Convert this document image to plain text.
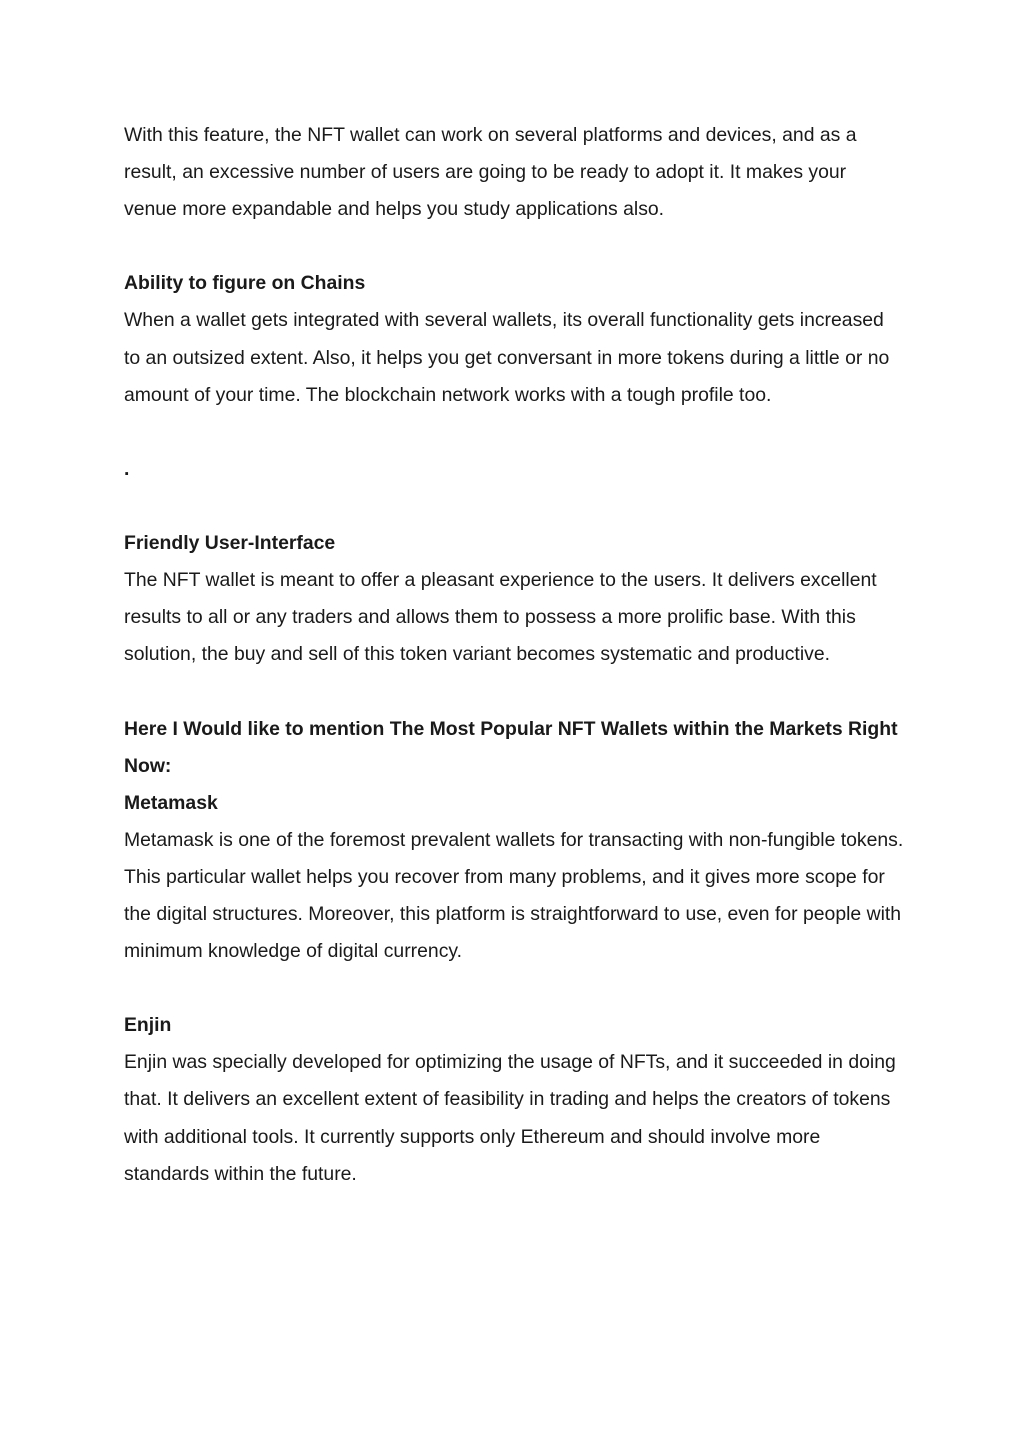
With this feature, the NFT wallet can work on several platforms and devices, and as a result, an excessive number of users are going to be ready to adopt it. It makes your venue more expandable and helps you study applications also.

Ability to figure on Chains

When a wallet gets integrated with several wallets, its overall functionality gets increased to an outsized extent. Also, it helps you get conversant in more tokens during a little or no amount of your time. The blockchain network works with a tough profile too.

.

Friendly User-Interface

The NFT wallet is meant to offer a pleasant experience to the users. It delivers excellent results to all or any traders and allows them to possess a more prolific base. With this solution, the buy and sell of this token variant becomes systematic and productive.

Here I Would like to mention The Most Popular NFT Wallets within the Markets Right Now:

Metamask

Metamask is one of the foremost prevalent wallets for transacting with non-fungible tokens. This particular wallet helps you recover from many problems, and it gives more scope for the digital structures. Moreover, this platform is straightforward to use, even for people with minimum knowledge of digital currency.

Enjin

Enjin was specially developed for optimizing the usage of NFTs, and it succeeded in doing that. It delivers an excellent extent of feasibility in trading and helps the creators of tokens with additional tools. It currently supports only Ethereum and should involve more standards within the future.
